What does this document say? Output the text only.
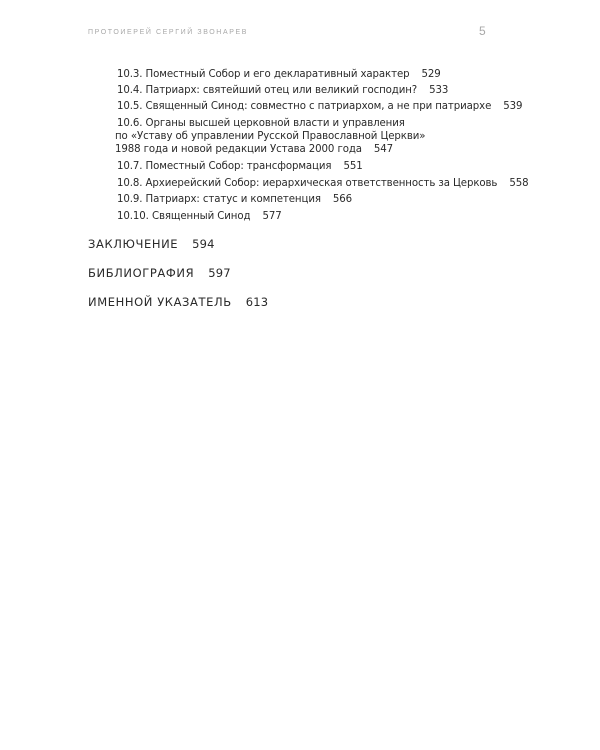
ПРОТОИЕРЕЙ СЕРГИЙ ЗВОНАРЕВ	5
10.3. Поместный Собор и его декларативный характер 529
10.4. Патриарх: святейший отец или великий господин? 533
10.5. Священный Синод: совместно с патриархом, а не при патриархе 539
10.6. Органы высшей церковной власти и управления
по «Уставу об управлении Русской Православной Церкви»
1988 года и новой редакции Устава 2000 года 547
10.7. Поместный Собор: трансформация 551
10.8. Архиерейский Собор: иерархическая ответственность за Церковь 558
10.9. Патриарх: статус и компетенция 566
10.10. Священный Синод 577
ЗАКЛЮЧЕНИЕ 594
БИБЛИОГРАФИЯ 597
ИМЕННОЙ УКАЗАТЕЛЬ 613
